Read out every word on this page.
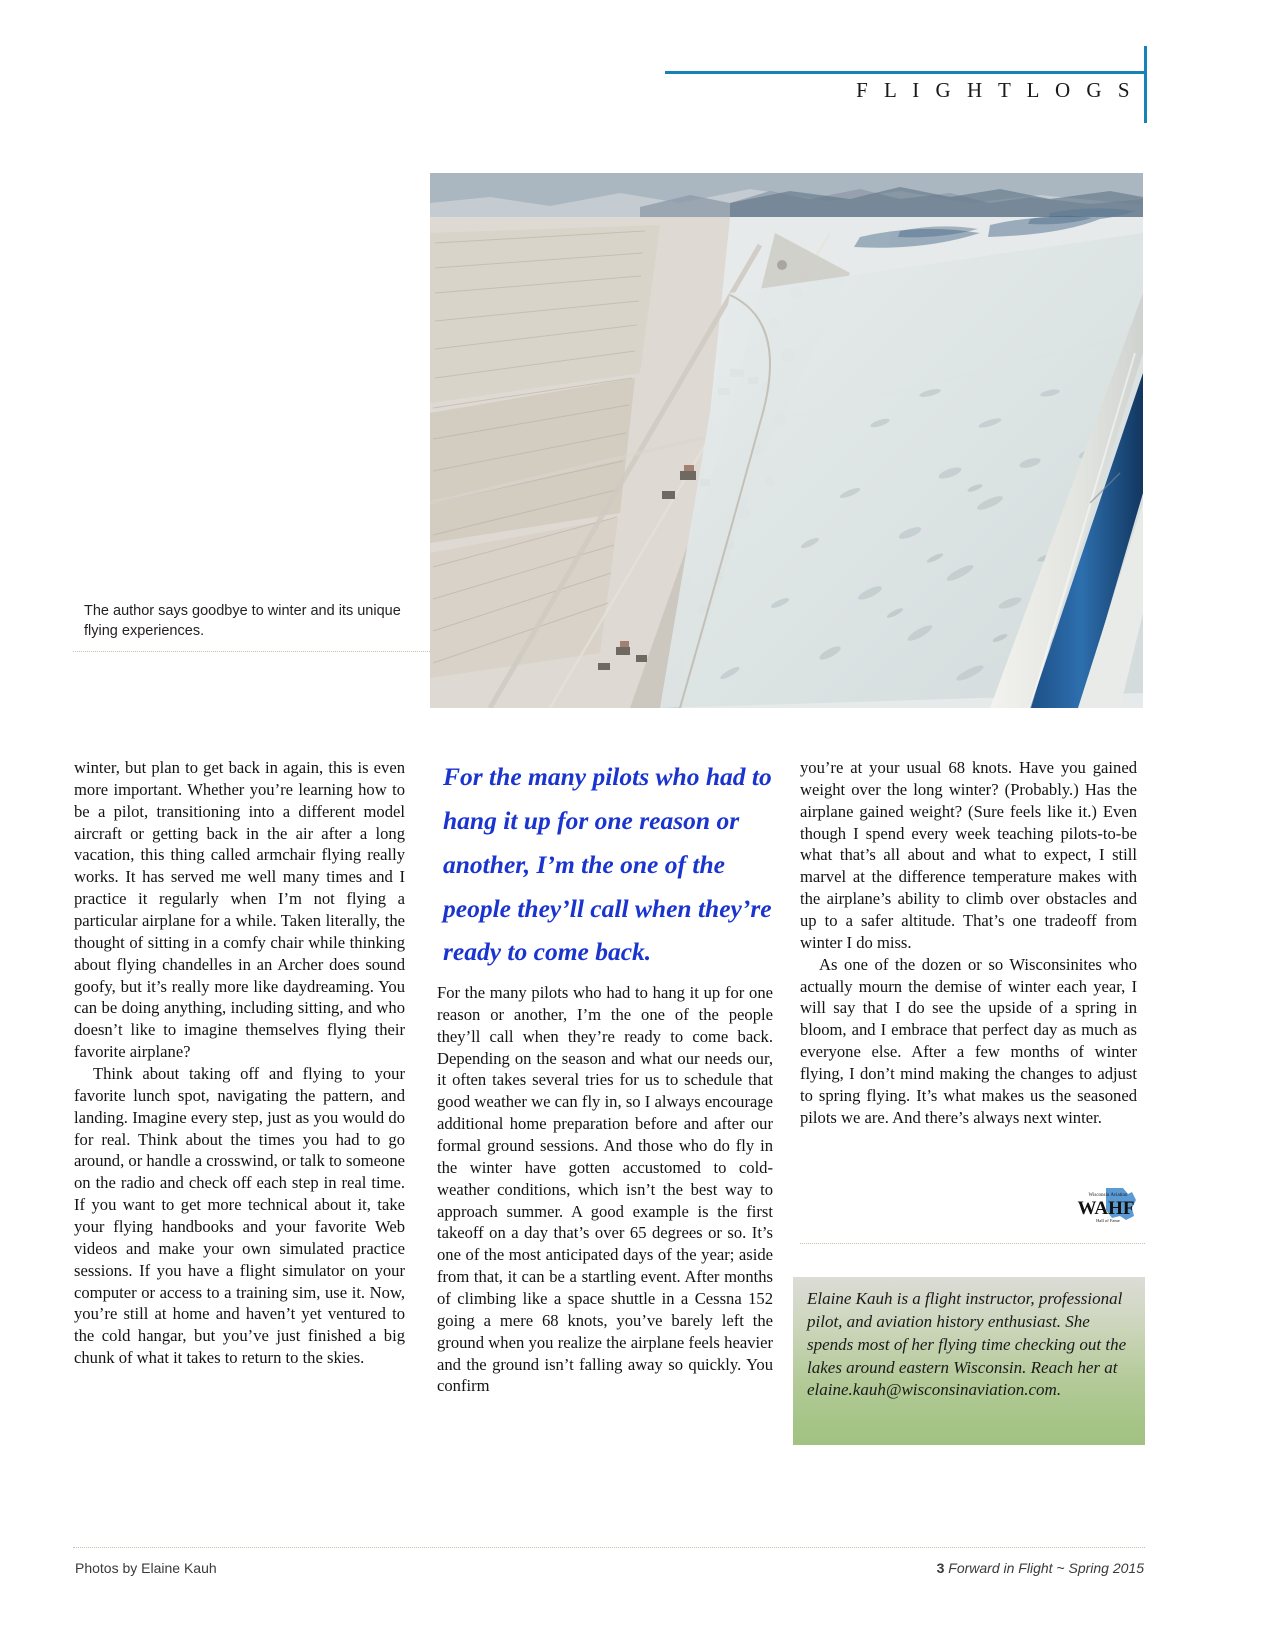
F L I G H T L O G S
The author says goodbye to winter and its unique flying experiences.

winter, but plan to get back in again, this is even more important. Whether you’re learning how to be a pilot, transitioning into a different model aircraft or getting back in the air after a long vacation, this thing called armchair flying really works. It has served me well many times and I practice it regularly when I’m not flying a particular airplane for a while. Taken literally, the thought of sitting in a comfy chair while thinking about flying chandelles in an Archer does sound goofy, but it’s really more like daydreaming. You can be doing anything, including sitting, and who doesn’t like to imagine themselves flying their favorite airplane?

Think about taking off and flying to your favorite lunch spot, navigating the pattern, and landing. Imagine every step, just as you would do for real. Think about the times you had to go around, or handle a crosswind, or talk to someone on the radio and check off each step in real time. If you want to get more technical about it, take your flying handbooks and your favorite Web videos and make your own simulated practice sessions. If you have a flight simulator on your computer or access to a training sim, use it. Now, you’re still at home and haven’t yet ventured to the cold hangar, but you’ve just finished a big chunk of what it takes to return to the skies.

For the many pilots who had to hang it up for one reason or another, I’m the one of the people they’ll call when they’re ready to come back.

For the many pilots who had to hang it up for one reason or another, I’m the one of the people they’ll call when they’re ready to come back. Depending on the season and what our needs our, it often takes several tries for us to schedule that good weather we can fly in, so I always encourage additional home preparation before and after our formal ground sessions. And those who do fly in the winter have gotten accustomed to cold-weather conditions, which isn’t the best way to approach summer. A good example is the first takeoff on a day that’s over 65 degrees or so. It’s one of the most anticipated days of the year; aside from that, it can be a startling event. After months of climbing like a space shuttle in a Cessna 152 going a mere 68 knots, you’ve barely left the ground when you realize the airplane feels heavier and the ground isn’t falling away so quickly. You confirm

you’re at your usual 68 knots. Have you gained weight over the long winter? (Probably.) Has the airplane gained weight? (Sure feels like it.) Even though I spend every week teaching pilots-to-be what that’s all about and what to expect, I still marvel at the difference temperature makes with the airplane’s ability to climb over obstacles and up to a safer altitude. That’s one tradeoff from winter I do miss.

As one of the dozen or so Wisconsinites who actually mourn the demise of winter each year, I will say that I do see the upside of a spring in bloom, and I embrace that perfect day as much as everyone else. After a few months of winter flying, I don’t mind making the changes to adjust to spring flying. It’s what makes us the seasoned pilots we are. And there’s always next winter.

Wisconsin Aviation
WAHF
Hall of Fame
Elaine Kauh is a flight instructor, professional pilot, and aviation history enthusiast. She spends most of her flying time checking out the lakes around eastern Wisconsin. Reach her at elaine.kauh@wisconsinaviation.com.
Photos by Elaine Kauh	3 Forward in Flight ~ Spring 2015
